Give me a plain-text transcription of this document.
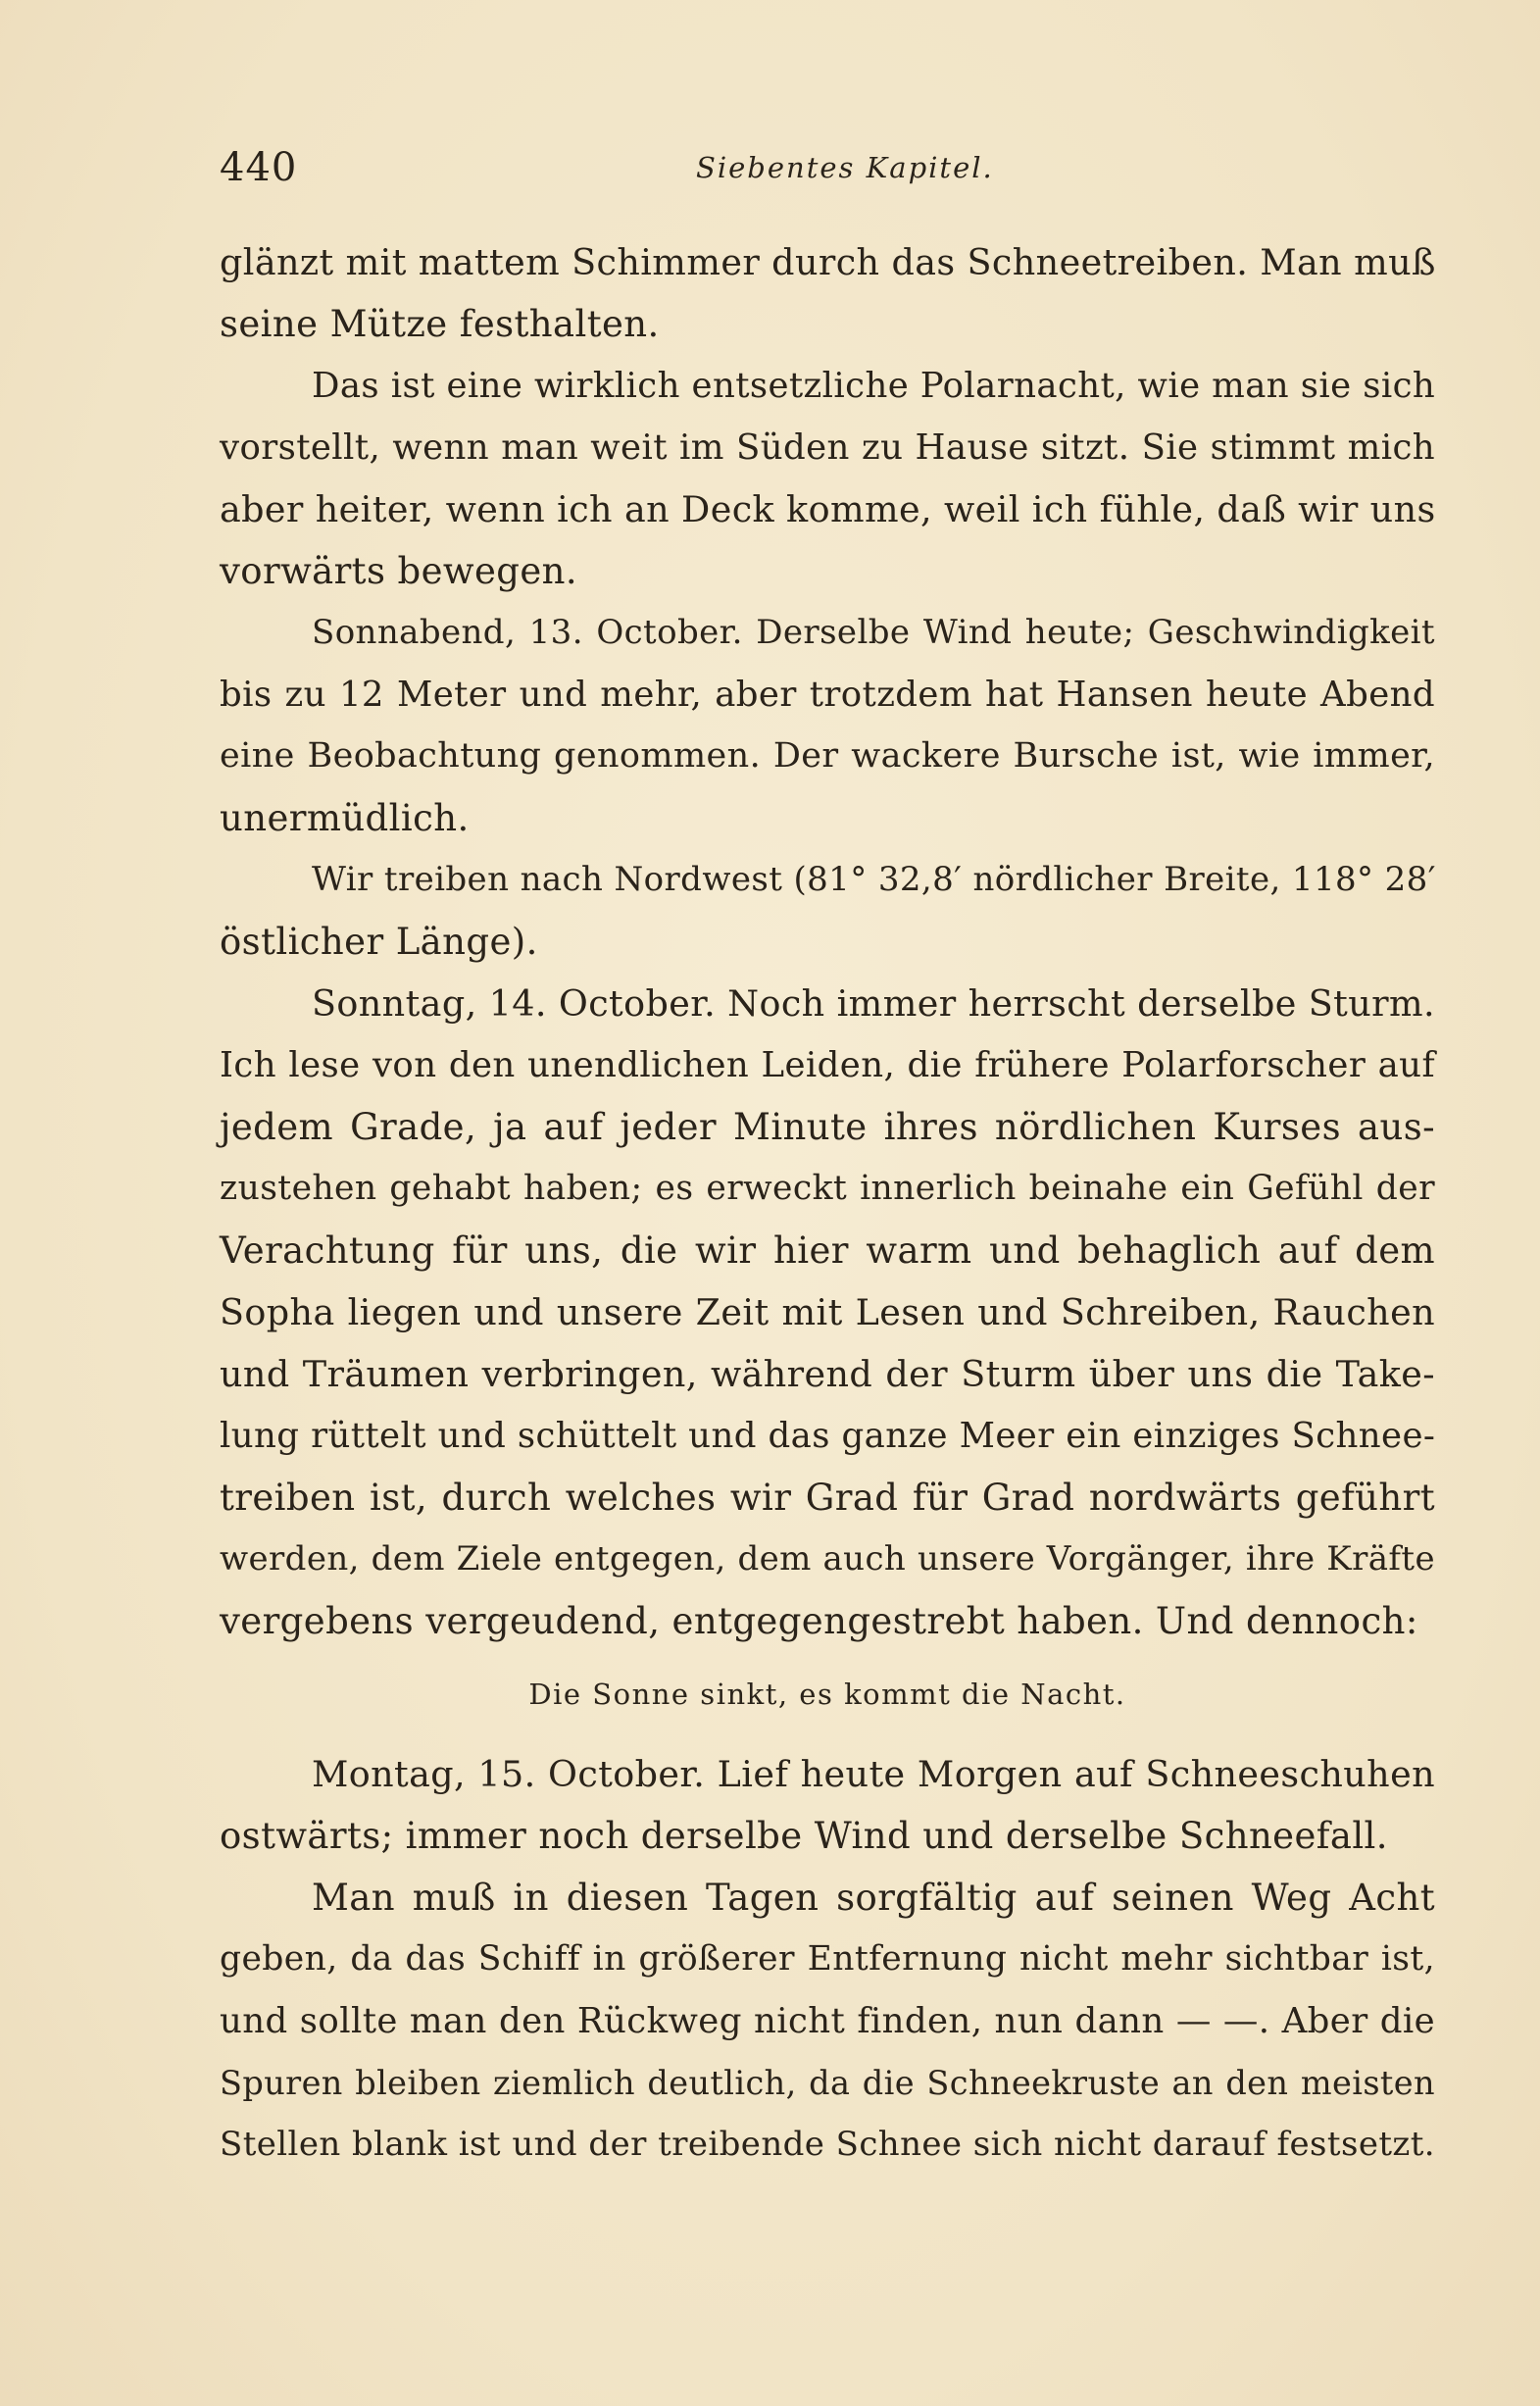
440	Siebentes Kapitel.
glänzt mit mattem Schimmer durch das Schneetreiben. Man muß
seine Mütze festhalten.
Das ist eine wirklich entsetzliche Polarnacht, wie man sie sich
vorstellt, wenn man weit im Süden zu Hause sitzt. Sie stimmt mich
aber heiter, wenn ich an Deck komme, weil ich fühle, daß wir uns
vorwärts bewegen.
Sonnabend, 13. October. Derselbe Wind heute; Geschwindigkeit
bis zu 12 Meter und mehr, aber trotzdem hat Hansen heute Abend
eine Beobachtung genommen. Der wackere Bursche ist, wie immer,
unermüdlich.
Wir treiben nach Nordwest (81° 32,8′ nördlicher Breite, 118° 28′
östlicher Länge).
Sonntag, 14. October. Noch immer herrscht derselbe Sturm.
Ich lese von den unendlichen Leiden, die frühere Polarforscher auf
jedem Grade, ja auf jeder Minute ihres nördlichen Kurses aus-
zustehen gehabt haben; es erweckt innerlich beinahe ein Gefühl der
Verachtung für uns, die wir hier warm und behaglich auf dem
Sopha liegen und unsere Zeit mit Lesen und Schreiben, Rauchen
und Träumen verbringen, während der Sturm über uns die Take-
lung rüttelt und schüttelt und das ganze Meer ein einziges Schnee-
treiben ist, durch welches wir Grad für Grad nordwärts geführt
werden, dem Ziele entgegen, dem auch unsere Vorgänger, ihre Kräfte
vergebens vergeudend, entgegengestrebt haben. Und dennoch:
Die Sonne sinkt, es kommt die Nacht.
Montag, 15. October. Lief heute Morgen auf Schneeschuhen
ostwärts; immer noch derselbe Wind und derselbe Schneefall.
Man muß in diesen Tagen sorgfältig auf seinen Weg Acht
geben, da das Schiff in größerer Entfernung nicht mehr sichtbar ist,
und sollte man den Rückweg nicht finden, nun dann — —. Aber die
Spuren bleiben ziemlich deutlich, da die Schneekruste an den meisten
Stellen blank ist und der treibende Schnee sich nicht darauf festsetzt.
